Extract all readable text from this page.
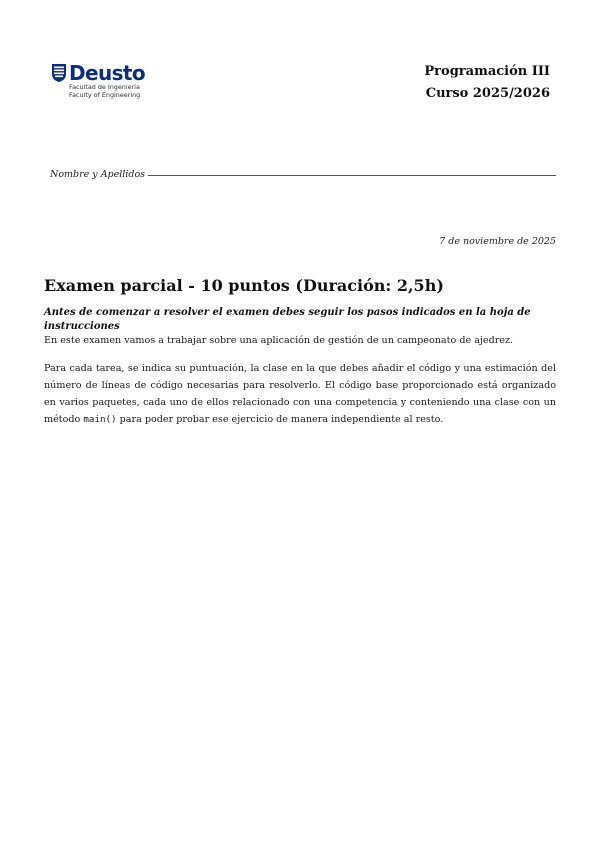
Deusto
Facultad de Ingeniería
Faculty of Engineering
Programación III
Curso 2025/2026
Nombre y Apellidos
7 de noviembre de 2025
Examen parcial - 10 puntos (Duración: 2,5h)
Antes de comenzar a resolver el examen debes seguir los pasos indicados en la hoja de instrucciones

En este examen vamos a trabajar sobre una aplicación de gestión de un campeonato de ajedrez.

Para cada tarea, se indica su puntuación, la clase en la que debes añadir el código y una estimación del número de líneas de código necesarias para resolverlo. El código base proporcionado está organizado en varios paquetes, cada uno de ellos relacionado con una competencia y conteniendo una clase con un método main() para poder probar ese ejercicio de manera independiente al resto.
